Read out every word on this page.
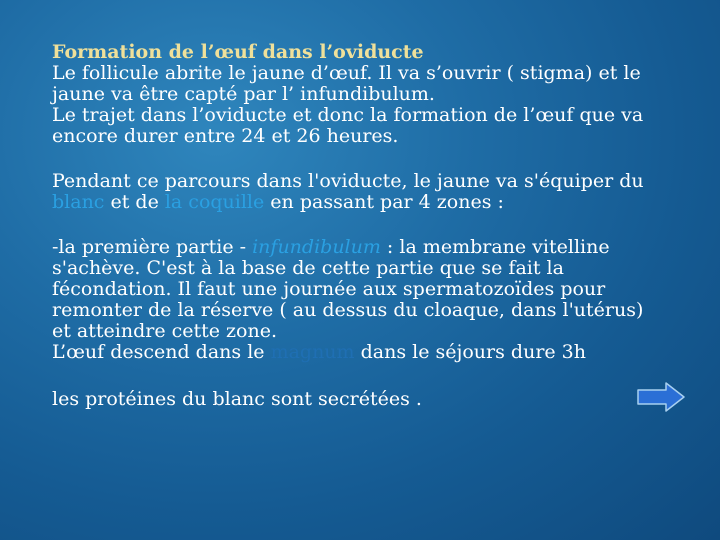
Formation de l’œuf dans l’oviducte
Le follicule abrite le jaune d’œuf. Il va s’ouvrir ( stigma) et le
jaune va être capté par l’ infundibulum.
Le trajet dans l’oviducte et donc la formation de l’œuf que va
encore durer entre 24 et 26 heures.
Pendant ce parcours dans l'oviducte, le jaune va s'équiper du
blanc et de la coquille en passant par 4 zones :
-la première partie - infundibulum : la membrane vitelline
s'achève. C'est à la base de cette partie que se fait la
fécondation. Il faut une journée aux spermatozoïdes pour
remonter de la réserve ( au dessus du cloaque, dans l'utérus)
et atteindre cette zone.
L’œuf descend dans le magnum dans le séjours dure 3h
les protéines du blanc sont secrétées .
